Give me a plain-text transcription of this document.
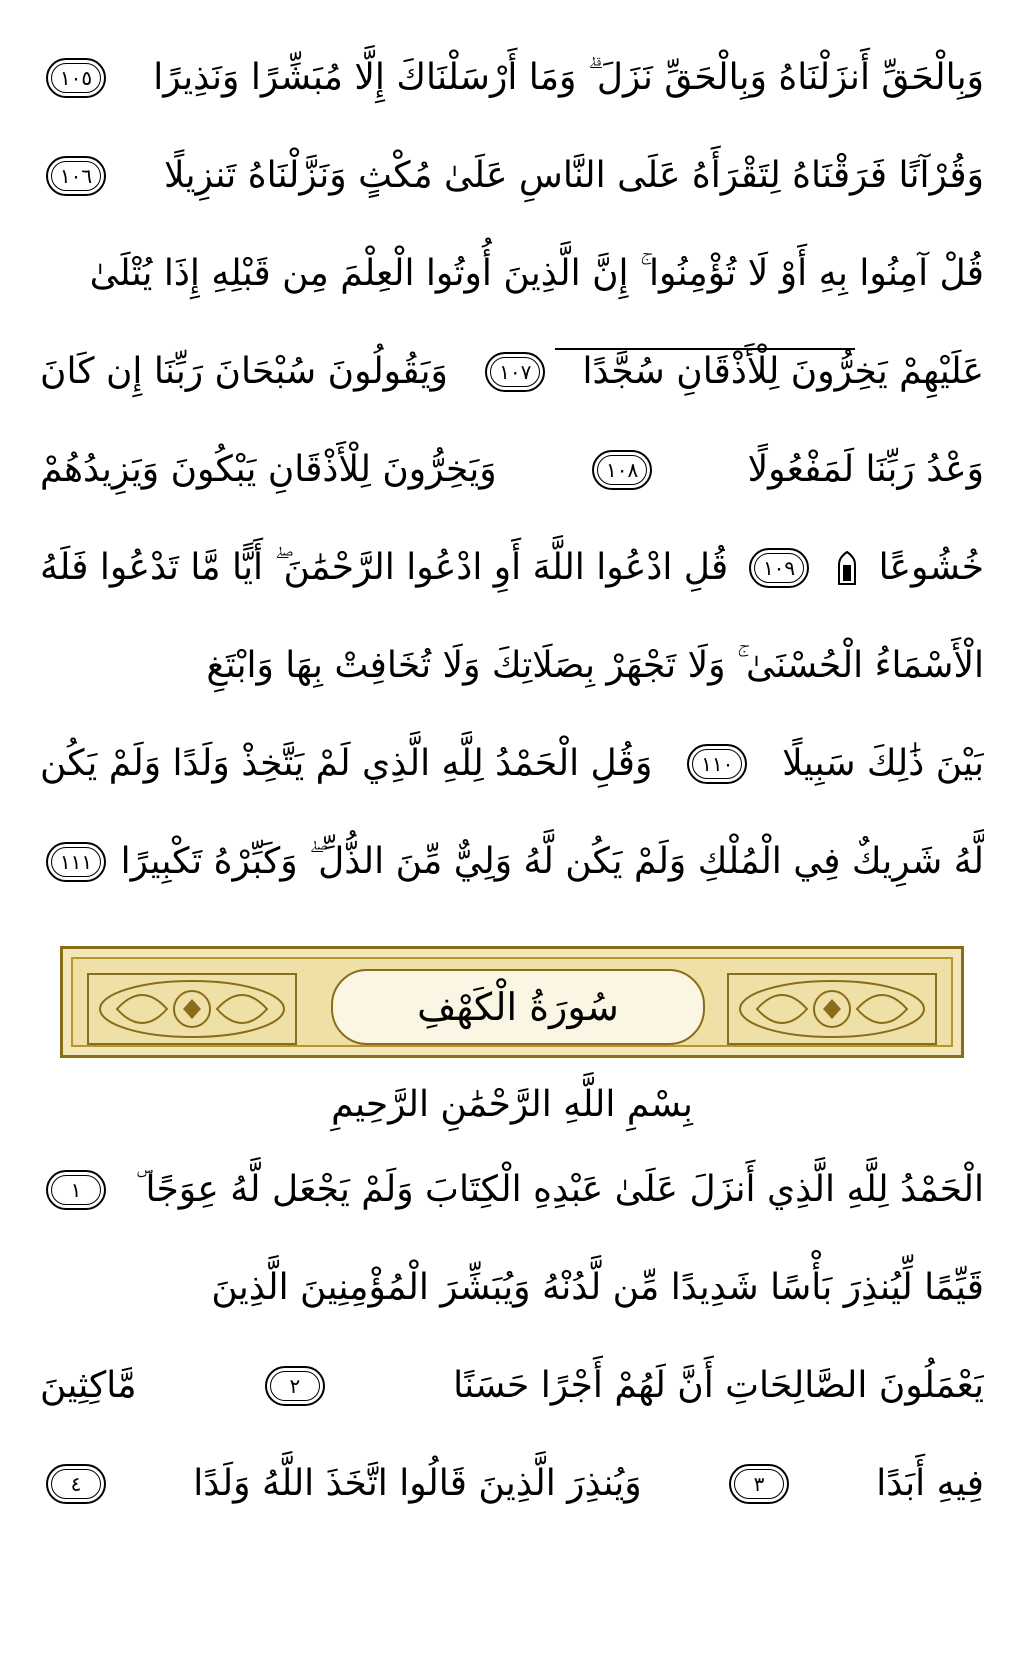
وَبِالْحَقِّ أَنزَلْنَاهُ وَبِالْحَقِّ نَزَلَ ۗ وَمَا أَرْسَلْنَاكَ إِلَّا مُبَشِّرًا وَنَذِيرًا
١٠٥
وَقُرْآنًا فَرَقْنَاهُ لِتَقْرَأَهُ عَلَى النَّاسِ عَلَىٰ مُكْثٍ وَنَزَّلْنَاهُ تَنزِيلًا
١٠٦
قُلْ آمِنُوا بِهِ أَوْ لَا تُؤْمِنُوا ۚ إِنَّ الَّذِينَ أُوتُوا الْعِلْمَ مِن قَبْلِهِ إِذَا يُتْلَىٰ
عَلَيْهِمْ يَخِرُّونَ لِلْأَذْقَانِ سُجَّدًا
١٠٧
وَيَقُولُونَ سُبْحَانَ رَبِّنَا إِن كَانَ
وَعْدُ رَبِّنَا لَمَفْعُولًا
١٠٨
وَيَخِرُّونَ لِلْأَذْقَانِ يَبْكُونَ وَيَزِيدُهُمْ
خُشُوعًا
١٠٩
قُلِ ادْعُوا اللَّهَ أَوِ ادْعُوا الرَّحْمَٰنَ ۖ أَيًّا مَّا تَدْعُوا فَلَهُ
الْأَسْمَاءُ الْحُسْنَىٰ ۚ وَلَا تَجْهَرْ بِصَلَاتِكَ وَلَا تُخَافِتْ بِهَا وَابْتَغِ
بَيْنَ ذَٰلِكَ سَبِيلًا
١١٠
وَقُلِ الْحَمْدُ لِلَّهِ الَّذِي لَمْ يَتَّخِذْ وَلَدًا وَلَمْ يَكُن
لَّهُ شَرِيكٌ فِي الْمُلْكِ وَلَمْ يَكُن لَّهُ وَلِيٌّ مِّنَ الذُّلِّ ۖ وَكَبِّرْهُ تَكْبِيرًا
١١١
سُورَةُ الْكَهْفِ
بِسْمِ اللَّهِ الرَّحْمَٰنِ الرَّحِيمِ
الْحَمْدُ لِلَّهِ الَّذِي أَنزَلَ عَلَىٰ عَبْدِهِ الْكِتَابَ وَلَمْ يَجْعَل لَّهُ عِوَجًا ۜ
١
قَيِّمًا لِّيُنذِرَ بَأْسًا شَدِيدًا مِّن لَّدُنْهُ وَيُبَشِّرَ الْمُؤْمِنِينَ الَّذِينَ
يَعْمَلُونَ الصَّالِحَاتِ أَنَّ لَهُمْ أَجْرًا حَسَنًا
٢
مَّاكِثِينَ
فِيهِ أَبَدًا
٣
وَيُنذِرَ الَّذِينَ قَالُوا اتَّخَذَ اللَّهُ وَلَدًا
٤
